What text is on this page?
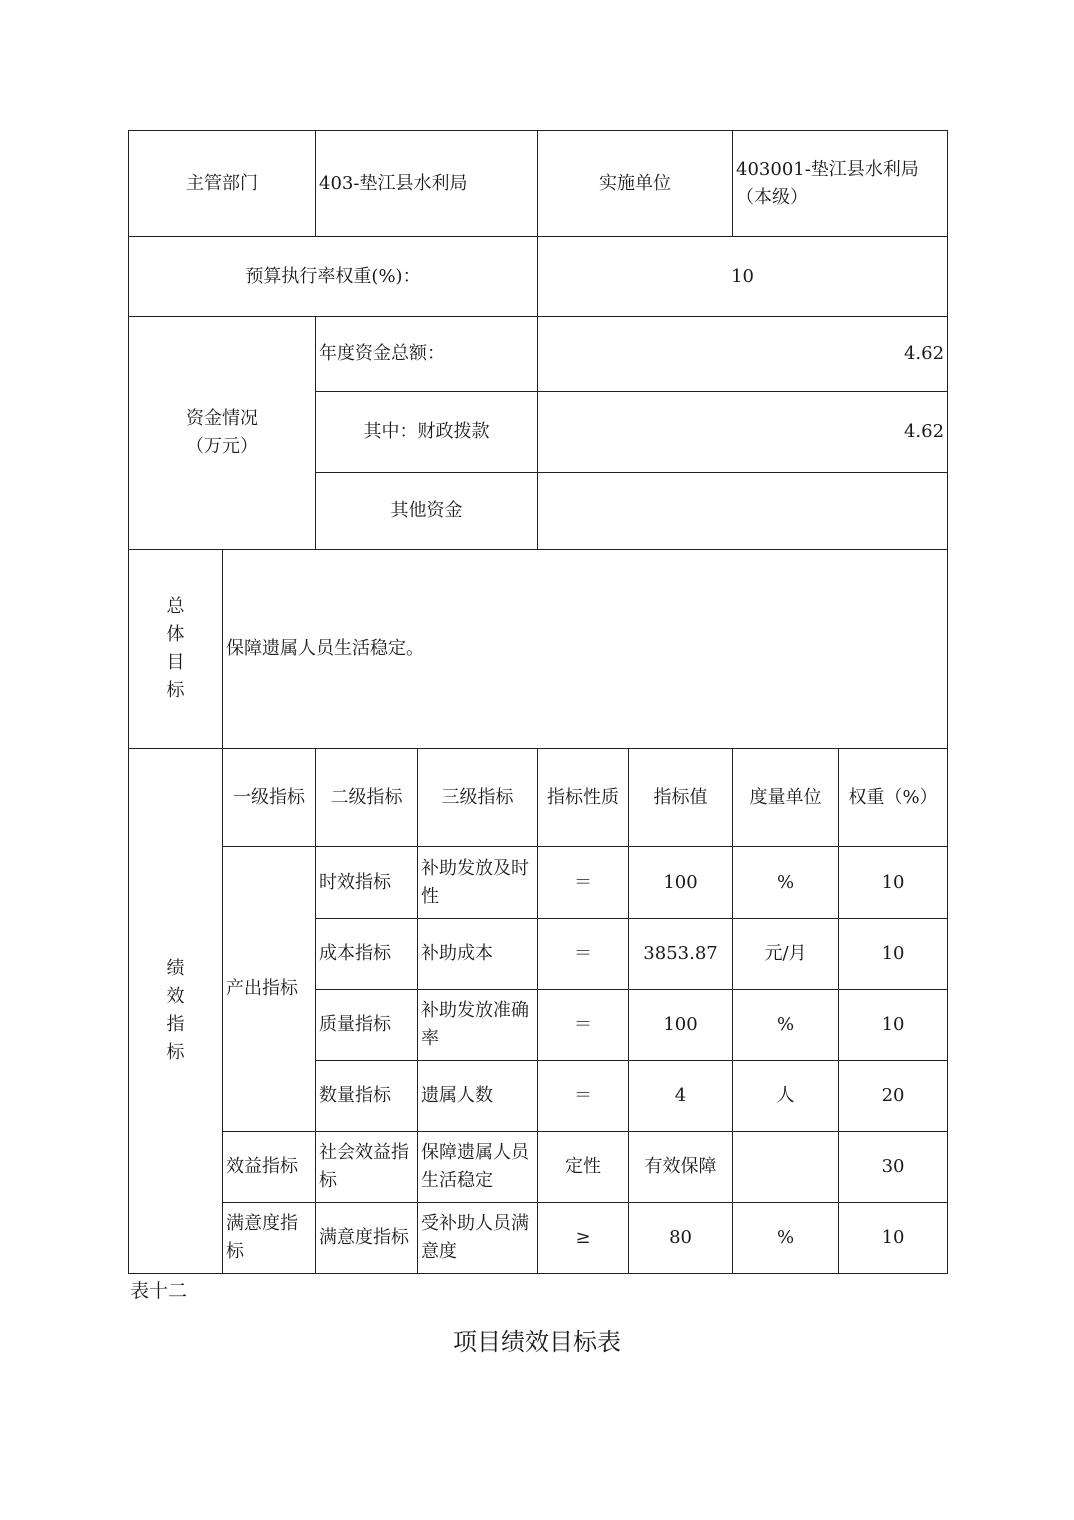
主管部门		403-垫江县水利局		实施单位		403001-垫江县水利局（本级）	
预算执行率权重(%)：				10			

资金情况
（万元）		年度资金总额：		4.62			
		其中：财政拨款		4.62			
		其他资金					

总
体
目
标	保障遗属人员生活稳定。						

绩
效
指
标	一级指标	二级指标	三级指标	指标性质	指标值	度量单位	权重（%）
	产出指标	时效指标	补助发放及时性	＝	100	%	10
		成本指标	补助成本	＝	3853.87	元/月	10
		质量指标	补助发放准确率	＝	100	%	10
		数量指标	遗属人数	＝	4	人	20
	效益指标	社会效益指标	保障遗属人员生活稳定	定性	有效保障		30
	满意度指标	满意度指标	受补助人员满意度	≥	80	%	10
表十二
项目绩效目标表
